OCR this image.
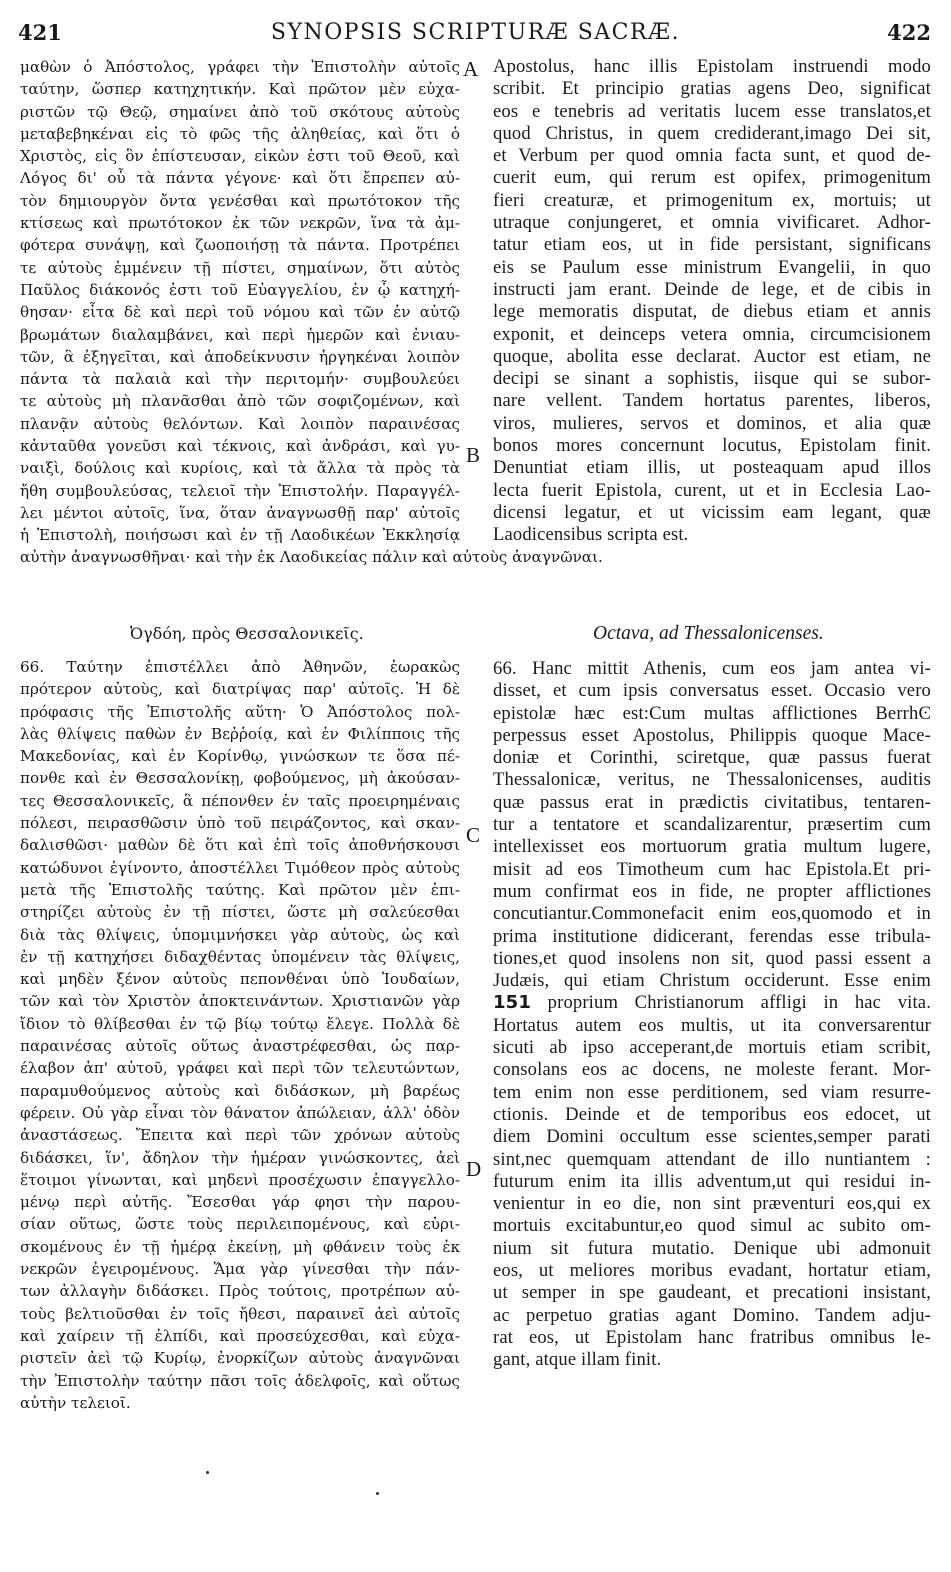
421	SYNOPSIS SCRIPTURÆ SACRÆ.	422
A
B
C
D
μαθὼν ὁ Ἀπόστολος, γράφει τὴν Ἐπιστολὴν αὐτοῖς
ταύτην, ὥσπερ κατηχητικήν. Καὶ πρῶτον μὲν εὐχα-
ριστῶν τῷ Θεῷ, σημαίνει ἀπὸ τοῦ σκότους αὐτοὺς
μεταβεβηκέναι εἰς τὸ φῶς τῆς ἀληθείας, καὶ ὅτι ὁ
Χριστὸς, εἰς ὃν ἐπίστευσαν, εἰκὼν ἐστι τοῦ Θεοῦ, καὶ
Λόγος δι' οὗ τὰ πάντα γέγονε· καὶ ὅτι ἔπρεπεν αὐ-
τὸν δημιουργὸν ὄντα γενέσθαι καὶ πρωτότοκον τῆς
κτίσεως καὶ πρωτότοκον ἐκ τῶν νεκρῶν, ἵνα τὰ ἀμ-
φότερα συνάψῃ, καὶ ζωοποιήσῃ τὰ πάντα. Προτρέπει
τε αὐτοὺς ἐμμένειν τῇ πίστει, σημαίνων, ὅτι αὐτὸς
Παῦλος διάκονός ἐστι τοῦ Εὐαγγελίου, ἐν ᾧ κατηχή-
θησαν· εἶτα δὲ καὶ περὶ τοῦ νόμου καὶ τῶν ἐν αὐτῷ
βρωμάτων διαλαμβάνει, καὶ περὶ ἡμερῶν καὶ ἐνιαυ-
τῶν, ἃ ἐξηγεῖται, καὶ ἀποδείκνυσιν ἠργηκέναι λοιπὸν
πάντα τὰ παλαιὰ καὶ τὴν περιτομήν· συμβουλεύει
τε αὐτοὺς μὴ πλανᾶσθαι ἀπὸ τῶν σοφιζομένων, καὶ
πλανᾷν αὐτοὺς θελόντων. Καὶ λοιπὸν παραινέσας
κἀνταῦθα γονεῦσι καὶ τέκνοις, καὶ ἀνδράσι, καὶ γυ-
ναιξὶ, δούλοις καὶ κυρίοις, καὶ τὰ ἄλλα τὰ πρὸς τὰ
ἤθη συμβουλεύσας, τελειοῖ τὴν Ἐπιστολήν. Παραγγέλ-
λει μέντοι αὐτοῖς, ἵνα, ὅταν ἀναγνωσθῇ παρ' αὐτοῖς
ἡ Ἐπιστολὴ, ποιήσωσι καὶ ἐν τῇ Λαοδικέων Ἐκκλησίᾳ
Apostolus, hanc illis Epistolam instruendi modo
scribit. Et principio gratias agens Deo, significat
eos e tenebris ad veritatis lucem esse translatos,et
quod Christus, in quem crediderant,imago Dei sit,
et Verbum per quod omnia facta sunt, et quod de-
cuerit eum, qui rerum est opifex, primogenitum
fieri creaturæ, et primogenitum ex, mortuis; ut
utraque conjungeret, et omnia vivificaret. Adhor-
tatur etiam eos, ut in fide persistant, significans
eis se Paulum esse ministrum Evangelii, in quo
instructi jam erant. Deinde de lege, et de cibis in
lege memoratis disputat, de diebus etiam et annis
exponit, et deinceps vetera omnia, circumcisionem
quoque, abolita esse declarat. Auctor est etiam, ne
decipi se sinant a sophistis, iisque qui se subor-
nare vellent. Tandem hortatus parentes, liberos,
viros, mulieres, servos et dominos, et alia quæ
bonos mores concernunt locutus, Epistolam finit.
Denuntiat etiam illis, ut posteaquam apud illos
lecta fuerit Epistola, curent, ut et in Ecclesia Lao-
dicensi legatur, et ut vicissim eam legant, quæ
Laodicensibus scripta est.
αὐτὴν ἀναγνωσθῆναι· καὶ τὴν ἐκ Λαοδικείας πάλιν καὶ αὐτοὺς ἀναγνῶναι.
Ὀγδόη, πρὸς Θεσσαλονικεῖς.	Octava, ad Thessalonicenses.
66. Ταύτην ἐπιστέλλει ἀπὸ Ἀθηνῶν, ἑωρακὼς
πρότερον αὐτοὺς, καὶ διατρίψας παρ' αὐτοῖς. Ἡ δὲ
πρόφασις τῆς Ἐπιστολῆς αὕτη· Ὁ Ἀπόστολος πολ-
λὰς θλίψεις παθὼν ἐν Βεῤῥοίᾳ, καὶ ἐν Φιλίπποις τῆς
Μακεδονίας, καὶ ἐν Κορίνθῳ, γινώσκων τε ὅσα πέ-
πονθε καὶ ἐν Θεσσαλονίκῃ, φοβούμενος, μὴ ἀκούσαν-
τες Θεσσαλονικεῖς, ἃ πέπονθεν ἐν ταῖς προειρημέναις
πόλεσι, πειρασθῶσιν ὑπὸ τοῦ πειράζοντος, καὶ σκαν-
δαλισθῶσι· μαθὼν δὲ ὅτι καὶ ἐπὶ τοῖς ἀποθνήσκουσι
κατώδυνοι ἐγίνοντο, ἀποστέλλει Τιμόθεον πρὸς αὐτοὺς
μετὰ τῆς Ἐπιστολῆς ταύτης. Καὶ πρῶτον μὲν ἐπι-
στηρίζει αὐτοὺς ἐν τῇ πίστει, ὥστε μὴ σαλεύεσθαι
διὰ τὰς θλίψεις, ὑπομιμνήσκει γὰρ αὐτοὺς, ὡς καὶ
ἐν τῇ κατηχήσει διδαχθέντας ὑπομένειν τὰς θλίψεις,
καὶ μηδὲν ξένον αὐτοὺς πεπονθέναι ὑπὸ Ἰουδαίων,
τῶν καὶ τὸν Χριστὸν ἀποκτεινάντων. Χριστιανῶν γὰρ
ἴδιον τὸ θλίβεσθαι ἐν τῷ βίῳ τούτῳ ἔλεγε. Πολλὰ δὲ
παραινέσας αὐτοῖς οὕτως ἀναστρέφεσθαι, ὡς παρ-
έλαβον ἀπ' αὐτοῦ, γράφει καὶ περὶ τῶν τελευτώντων,
παραμυθούμενος αὐτοὺς καὶ διδάσκων, μὴ βαρέως
φέρειν. Οὐ γὰρ εἶναι τὸν θάνατον ἀπώλειαν, ἀλλ' ὁδὸν
ἀναστάσεως. Ἔπειτα καὶ περὶ τῶν χρόνων αὐτοὺς
διδάσκει, ἵν', ἄδηλον τὴν ἡμέραν γινώσκοντες, ἀεὶ
ἕτοιμοι γίνωνται, καὶ μηδενὶ προσέχωσιν ἐπαγγελλο-
μένῳ περὶ αὐτῆς. Ἔσεσθαι γάρ φησι τὴν παρου-
σίαν οὕτως, ὥστε τοὺς περιλειπομένους, καὶ εὑρι-
σκομένους ἐν τῇ ἡμέρᾳ ἐκείνῃ, μὴ φθάνειν τοὺς ἐκ
νεκρῶν ἐγειρομένους. Ἅμα γὰρ γίνεσθαι τὴν πάν-
των ἀλλαγὴν διδάσκει. Πρὸς τούτοις, προτρέπων αὐ-
τοὺς βελτιοῦσθαι ἐν τοῖς ἤθεσι, παραινεῖ ἀεὶ αὐτοῖς
καὶ χαίρειν τῇ ἐλπίδι, καὶ προσεύχεσθαι, καὶ εὐχα-
ριστεῖν ἀεὶ τῷ Κυρίῳ, ἐνορκίζων αὐτοὺς ἀναγνῶναι
τὴν Ἐπιστολὴν ταύτην πᾶσι τοῖς ἀδελφοῖς, καὶ οὕτως
αὐτὴν τελειοῖ.
66. Hanc mittit Athenis, cum eos jam antea vi-
disset, et cum ipsis conversatus esset. Occasio vero
epistolæ hæc est:Cum multas afflictiones BerrhϾ
perpessus esset Apostolus, Philippis quoque Mace-
doniæ et Corinthi, sciretque, quæ passus fuerat
Thessalonicæ, veritus, ne Thessalonicenses, auditis
quæ passus erat in prædictis civitatibus, tentaren-
tur a tentatore et scandalizarentur, præsertim cum
intellexisset eos mortuorum gratia multum lugere,
misit ad eos Timotheum cum hac Epistola.Et pri-
mum confirmat eos in fide, ne propter afflictiones
concutiantur.Commonefacit enim eos,quomodo et in
prima institutione didicerant, ferendas esse tribula-
tiones,et quod insolens non sit, quod passi essent a
Judæis, qui etiam Christum occiderunt. Esse enim
151 proprium Christianorum affligi in hac vita.
Hortatus autem eos multis, ut ita conversarentur
sicuti ab ipso acceperant,de mortuis etiam scribit,
consolans eos ac docens, ne moleste ferant. Mor-
tem enim non esse perditionem, sed viam resurre-
ctionis. Deinde et de temporibus eos edocet, ut
diem Domini occultum esse scientes,semper parati
sint,nec quemquam attendant de illo nuntiantem :
futurum enim ita illis adventum,ut qui residui in-
venientur in eo die, non sint præventuri eos,qui ex
mortuis excitabuntur,eo quod simul ac subito om-
nium sit futura mutatio. Denique ubi admonuit
eos, ut meliores moribus evadant, hortatur etiam,
ut semper in spe gaudeant, et precationi insistant,
ac perpetuo gratias agant Domino. Tandem adju-
rat eos, ut Epistolam hanc fratribus omnibus le-
gant, atque illam finit.
